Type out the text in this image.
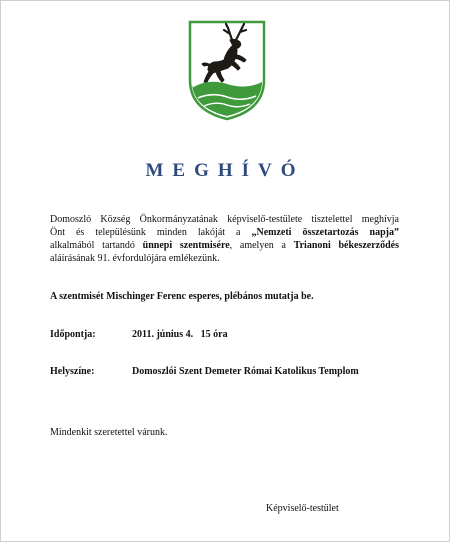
MEGHÍVÓ
Domoszló Község Önkormányzatának képviselő-testülete tisztelettel meghívja
Önt és településünk minden lakóját a „Nemzeti összetartozás napja”
alkalmából tartandó ünnepi szentmisére, amelyen a Trianoni békeszerződés
aláírásának 91. évfordulójára emlékezünk.
A szentmisét Mischinger Ferenc esperes, plébános mutatja be.
Időpontja:	2011. június 4.   15 óra
Helyszíne:	Domoszlói Szent Demeter Római Katolikus Templom
Mindenkit szeretettel várunk.
Képviselő-testület
